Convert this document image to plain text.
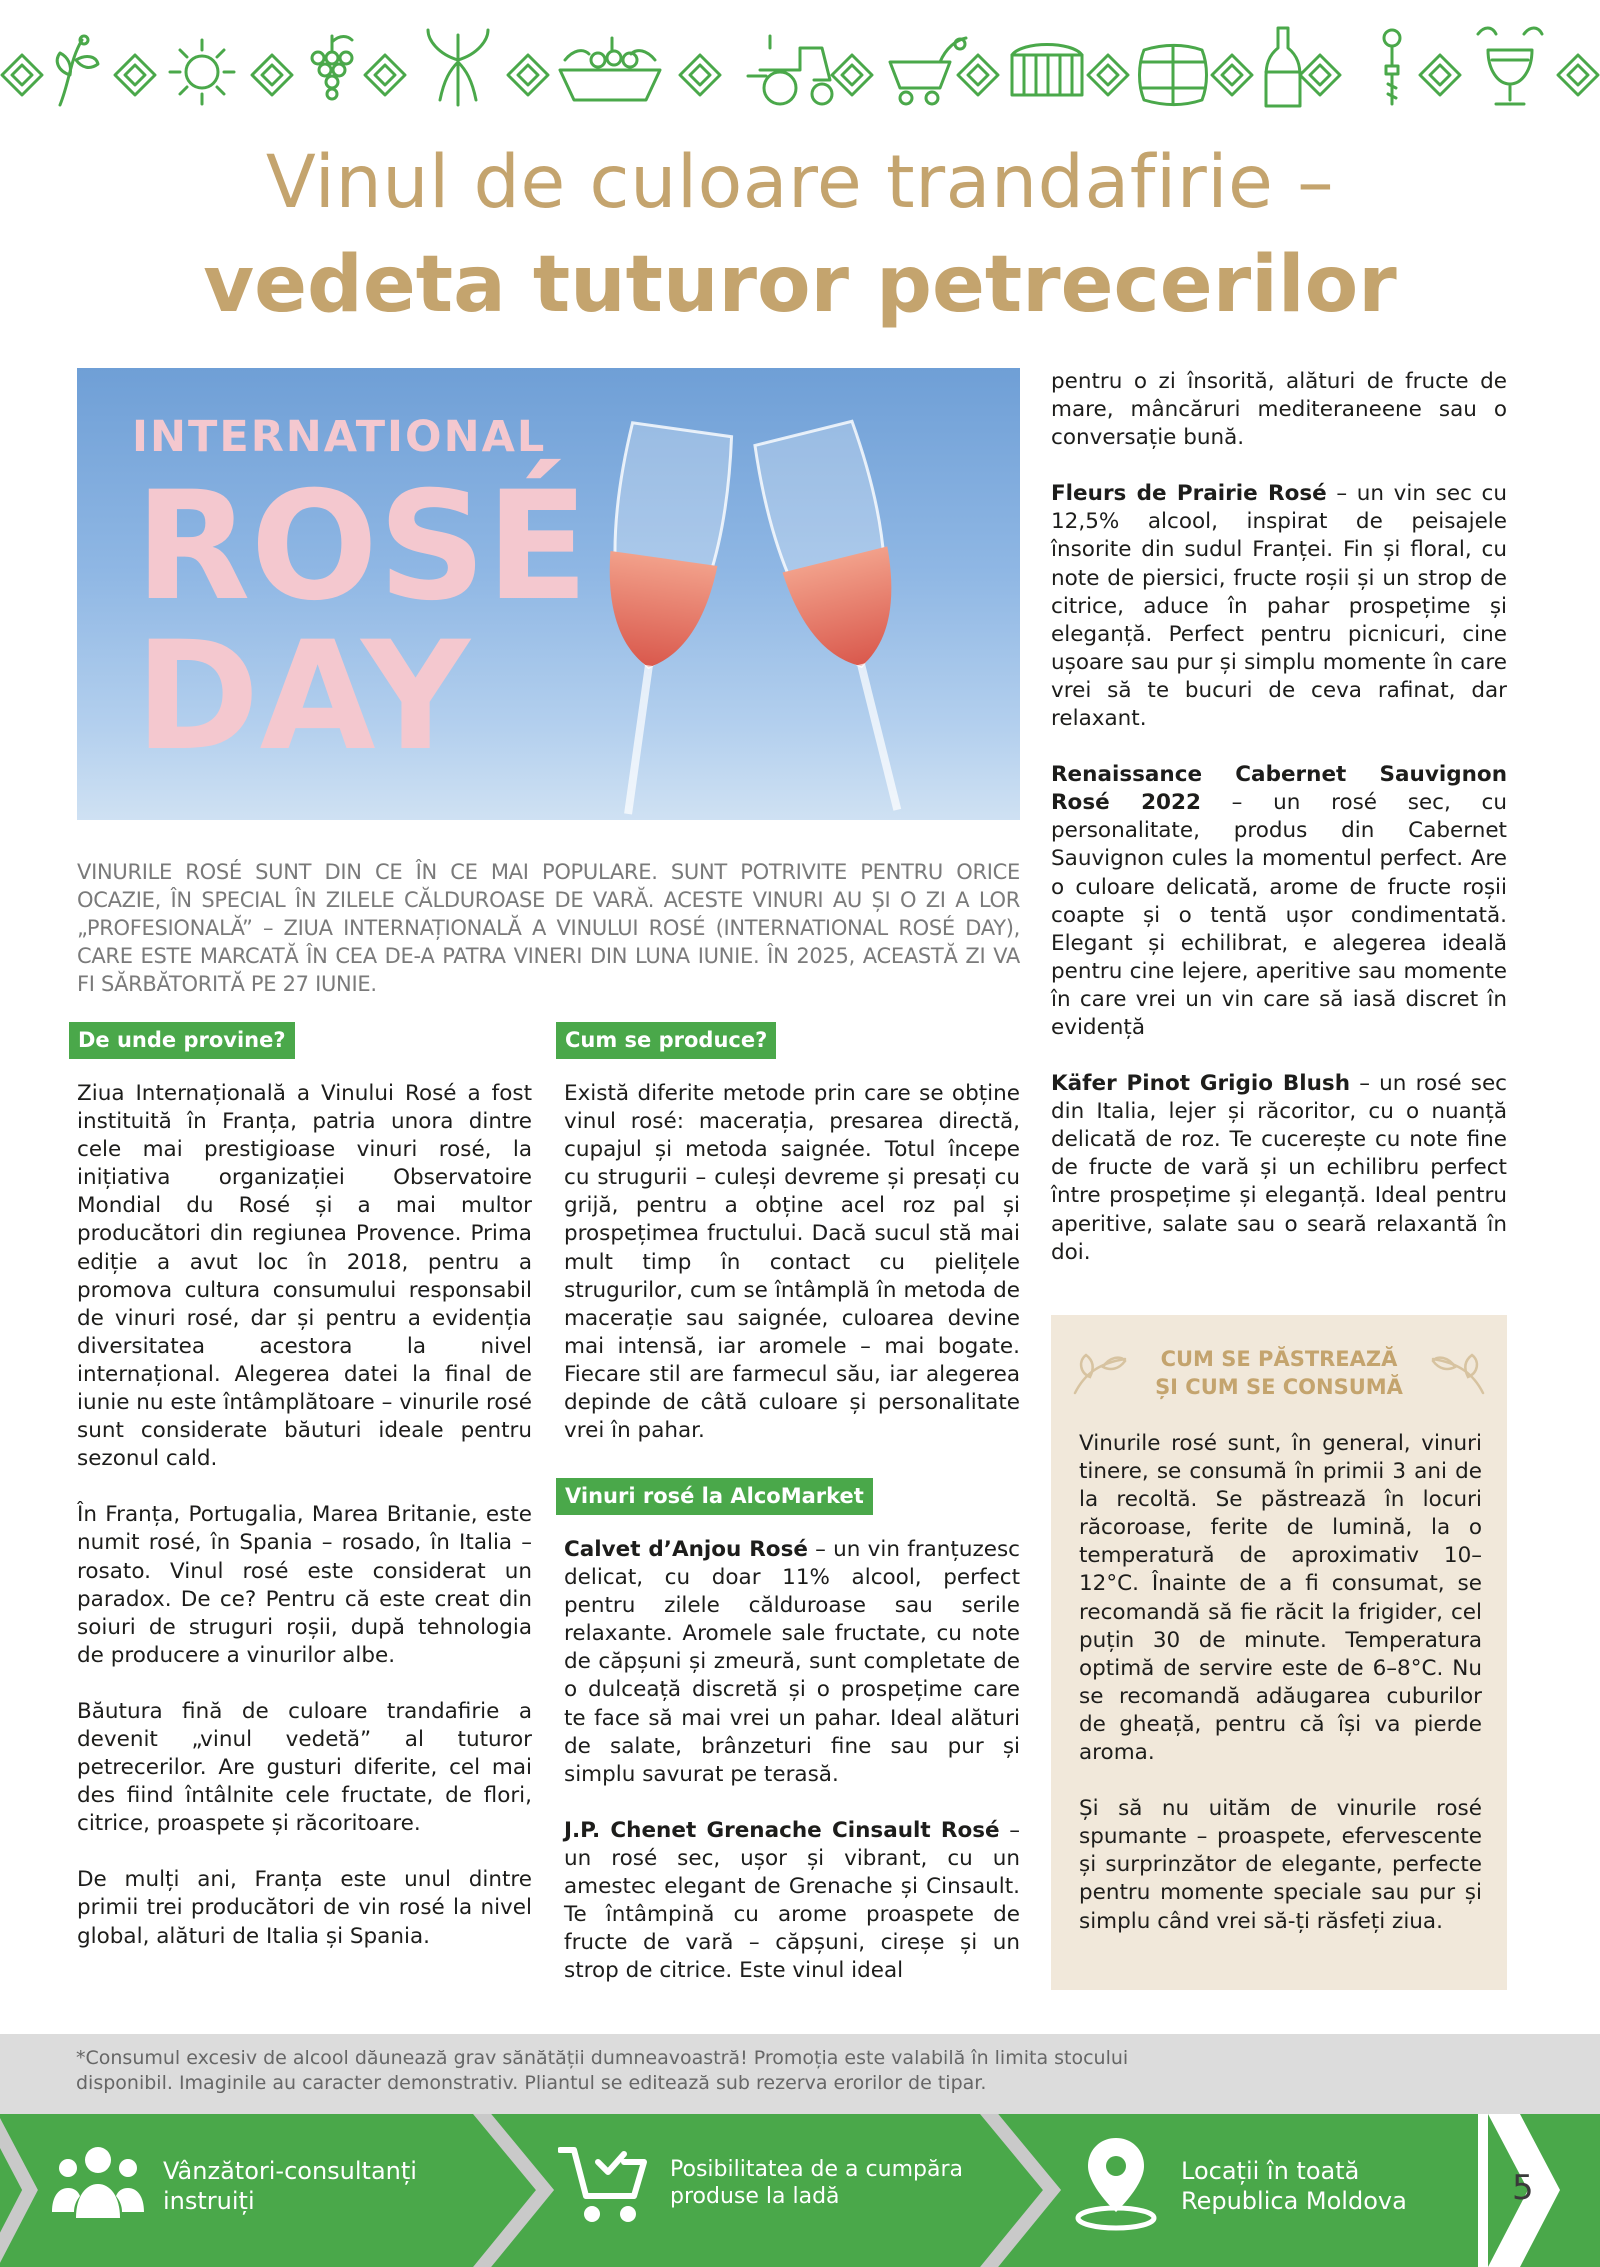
Vinul de culoare trandafirie –
vedeta tuturor petrecerilor
INTERNATIONAL
ROSÉ
DAY

VINURILE ROSÉ SUNT DIN CE ÎN CE MAI POPULARE. SUNT POTRIVITE PENTRU ORICE OCAZIE, ÎN SPECIAL ÎN ZILELE CĂLDUROASE DE VARĂ. ACESTE VINURI AU ȘI O ZI A LOR „PROFESIONALĂ” – ZIUA INTERNAȚIONALĂ A VINULUI ROSÉ (INTERNATIONAL ROSÉ DAY), CARE ESTE MARCATĂ ÎN CEA DE-A PATRA VINERI DIN LUNA IUNIE. ÎN 2025, ACEASTĂ ZI VA FI SĂRBĂTORITĂ PE 27 IUNIE.

De unde provine?	Cum se produce?
Vinuri rosé la AlcoMarket

Ziua Internațională a Vinului Rosé a fost instituită în Franța, patria unora dintre cele mai prestigioase vinuri rosé, la inițiativa organizației Observatoire Mondial du Rosé și a mai multor producători din regiunea Provence. Prima ediție a avut loc în 2018, pentru a promova cultura consumului responsabil de vinuri rosé, dar și pentru a evidenția diversitatea acestora la nivel internațional. Alegerea datei la final de iunie nu este întâmplătoare – vinurile rosé sunt considerate băuturi ideale pentru sezonul cald.

În Franța, Portugalia, Marea Britanie, este numit rosé, în Spania – rosado, în Italia – rosato. Vinul rosé este considerat un paradox. De ce? Pentru că este creat din soiuri de struguri roșii, după tehnologia de producere a vinurilor albe.

Băutura fină de culoare trandafirie a devenit „vinul vedetă” al tuturor petrecerilor. Are gusturi diferite, cel mai des fiind întâlnite cele fructate, de flori, citrice, proaspete și răcoritoare.

De mulți ani, Franța este unul dintre primii trei producători de vin rosé la nivel global, alături de Italia și Spania.

Există diferite metode prin care se obține vinul rosé: macerația, presarea directă, cupajul și metoda saignée. Totul începe cu strugurii – culeși devreme și presați cu grijă, pentru a obține acel roz pal și prospețimea fructului. Dacă sucul stă mai mult timp în contact cu pielițele strugurilor, cum se întâmplă în metoda de macerație sau saignée, culoarea devine mai intensă, iar aromele – mai bogate. Fiecare stil are farmecul său, iar alegerea depinde de câtă culoare și personalitate vrei în pahar.

Calvet d’Anjou Rosé – un vin franțuzesc delicat, cu doar 11% alcool, perfect pentru zilele călduroase sau serile relaxante. Aromele sale fructate, cu note de căpșuni și zmeură, sunt completate de o dulceață discretă și o prospețime care te face să mai vrei un pahar. Ideal alături de salate, brânzeturi fine sau pur și simplu savurat pe terasă.

J.P. Chenet Grenache Cinsault Rosé – un rosé sec, ușor și vibrant, cu un amestec elegant de Grenache și Cinsault. Te întâmpină cu arome proaspete de fructe de vară – căpșuni, cireșe și un strop de citrice. Este vinul ideal

pentru o zi însorită, alături de fructe de mare, mâncăruri mediteraneene sau o conversație bună.

Fleurs de Prairie Rosé – un vin sec cu 12,5% alcool, inspirat de peisajele însorite din sudul Franței. Fin și floral, cu note de piersici, fructe roșii și un strop de citrice, aduce în pahar prospețime și eleganță. Perfect pentru picnicuri, cine ușoare sau pur și simplu momente în care vrei să te bucuri de ceva rafinat, dar relaxant.

Renaissance Cabernet Sauvignon Rosé 2022 – un rosé sec, cu personalitate, produs din Cabernet Sauvignon cules la momentul perfect. Are o culoare delicată, arome de fructe roșii coapte și o tentă ușor condimentată. Elegant și echilibrat, e alegerea ideală pentru cine lejere, aperitive sau momente în care vrei un vin care să iasă discret în evidență

Käfer Pinot Grigio Blush – un rosé sec din Italia, lejer și răcoritor, cu o nuanță delicată de roz. Te cucerește cu note fine de fructe de vară și un echilibru perfect între prospețime și eleganță. Ideal pentru aperitive, salate sau o seară relaxantă în doi.

CUM SE PĂSTREAZĂ
ȘI CUM SE CONSUMĂ

Vinurile rosé sunt, în general, vinuri tinere, se consumă în primii 3 ani de la recoltă. Se păstrează în locuri răcoroase, ferite de lumină, la o temperatură de aproximativ 10–12°C. Înainte de a fi consumat, se recomandă să fie răcit la frigider, cel puțin 30 de minute. Temperatura optimă de servire este de 6–8°C. Nu se recomandă adăugarea cuburilor de gheață, pentru că își va pierde aroma.

Și să nu uităm de vinurile rosé spumante – proaspete, efervescente și surprinzător de elegante, perfecte pentru momente speciale sau pur și simplu când vrei să-ți răsfeți ziua.

*Consumul excesiv de alcool dăunează grav sănătății dumneavoastră! Promoția este valabilă în limita stocului disponibil. Imaginile au caracter demonstrativ. Pliantul se editează sub rezerva erorilor de tipar.

Vânzători-consultanți
instruiți
Posibilitatea de a cumpăra
produse la ladă
Locații în toată
Republica Moldova	5
